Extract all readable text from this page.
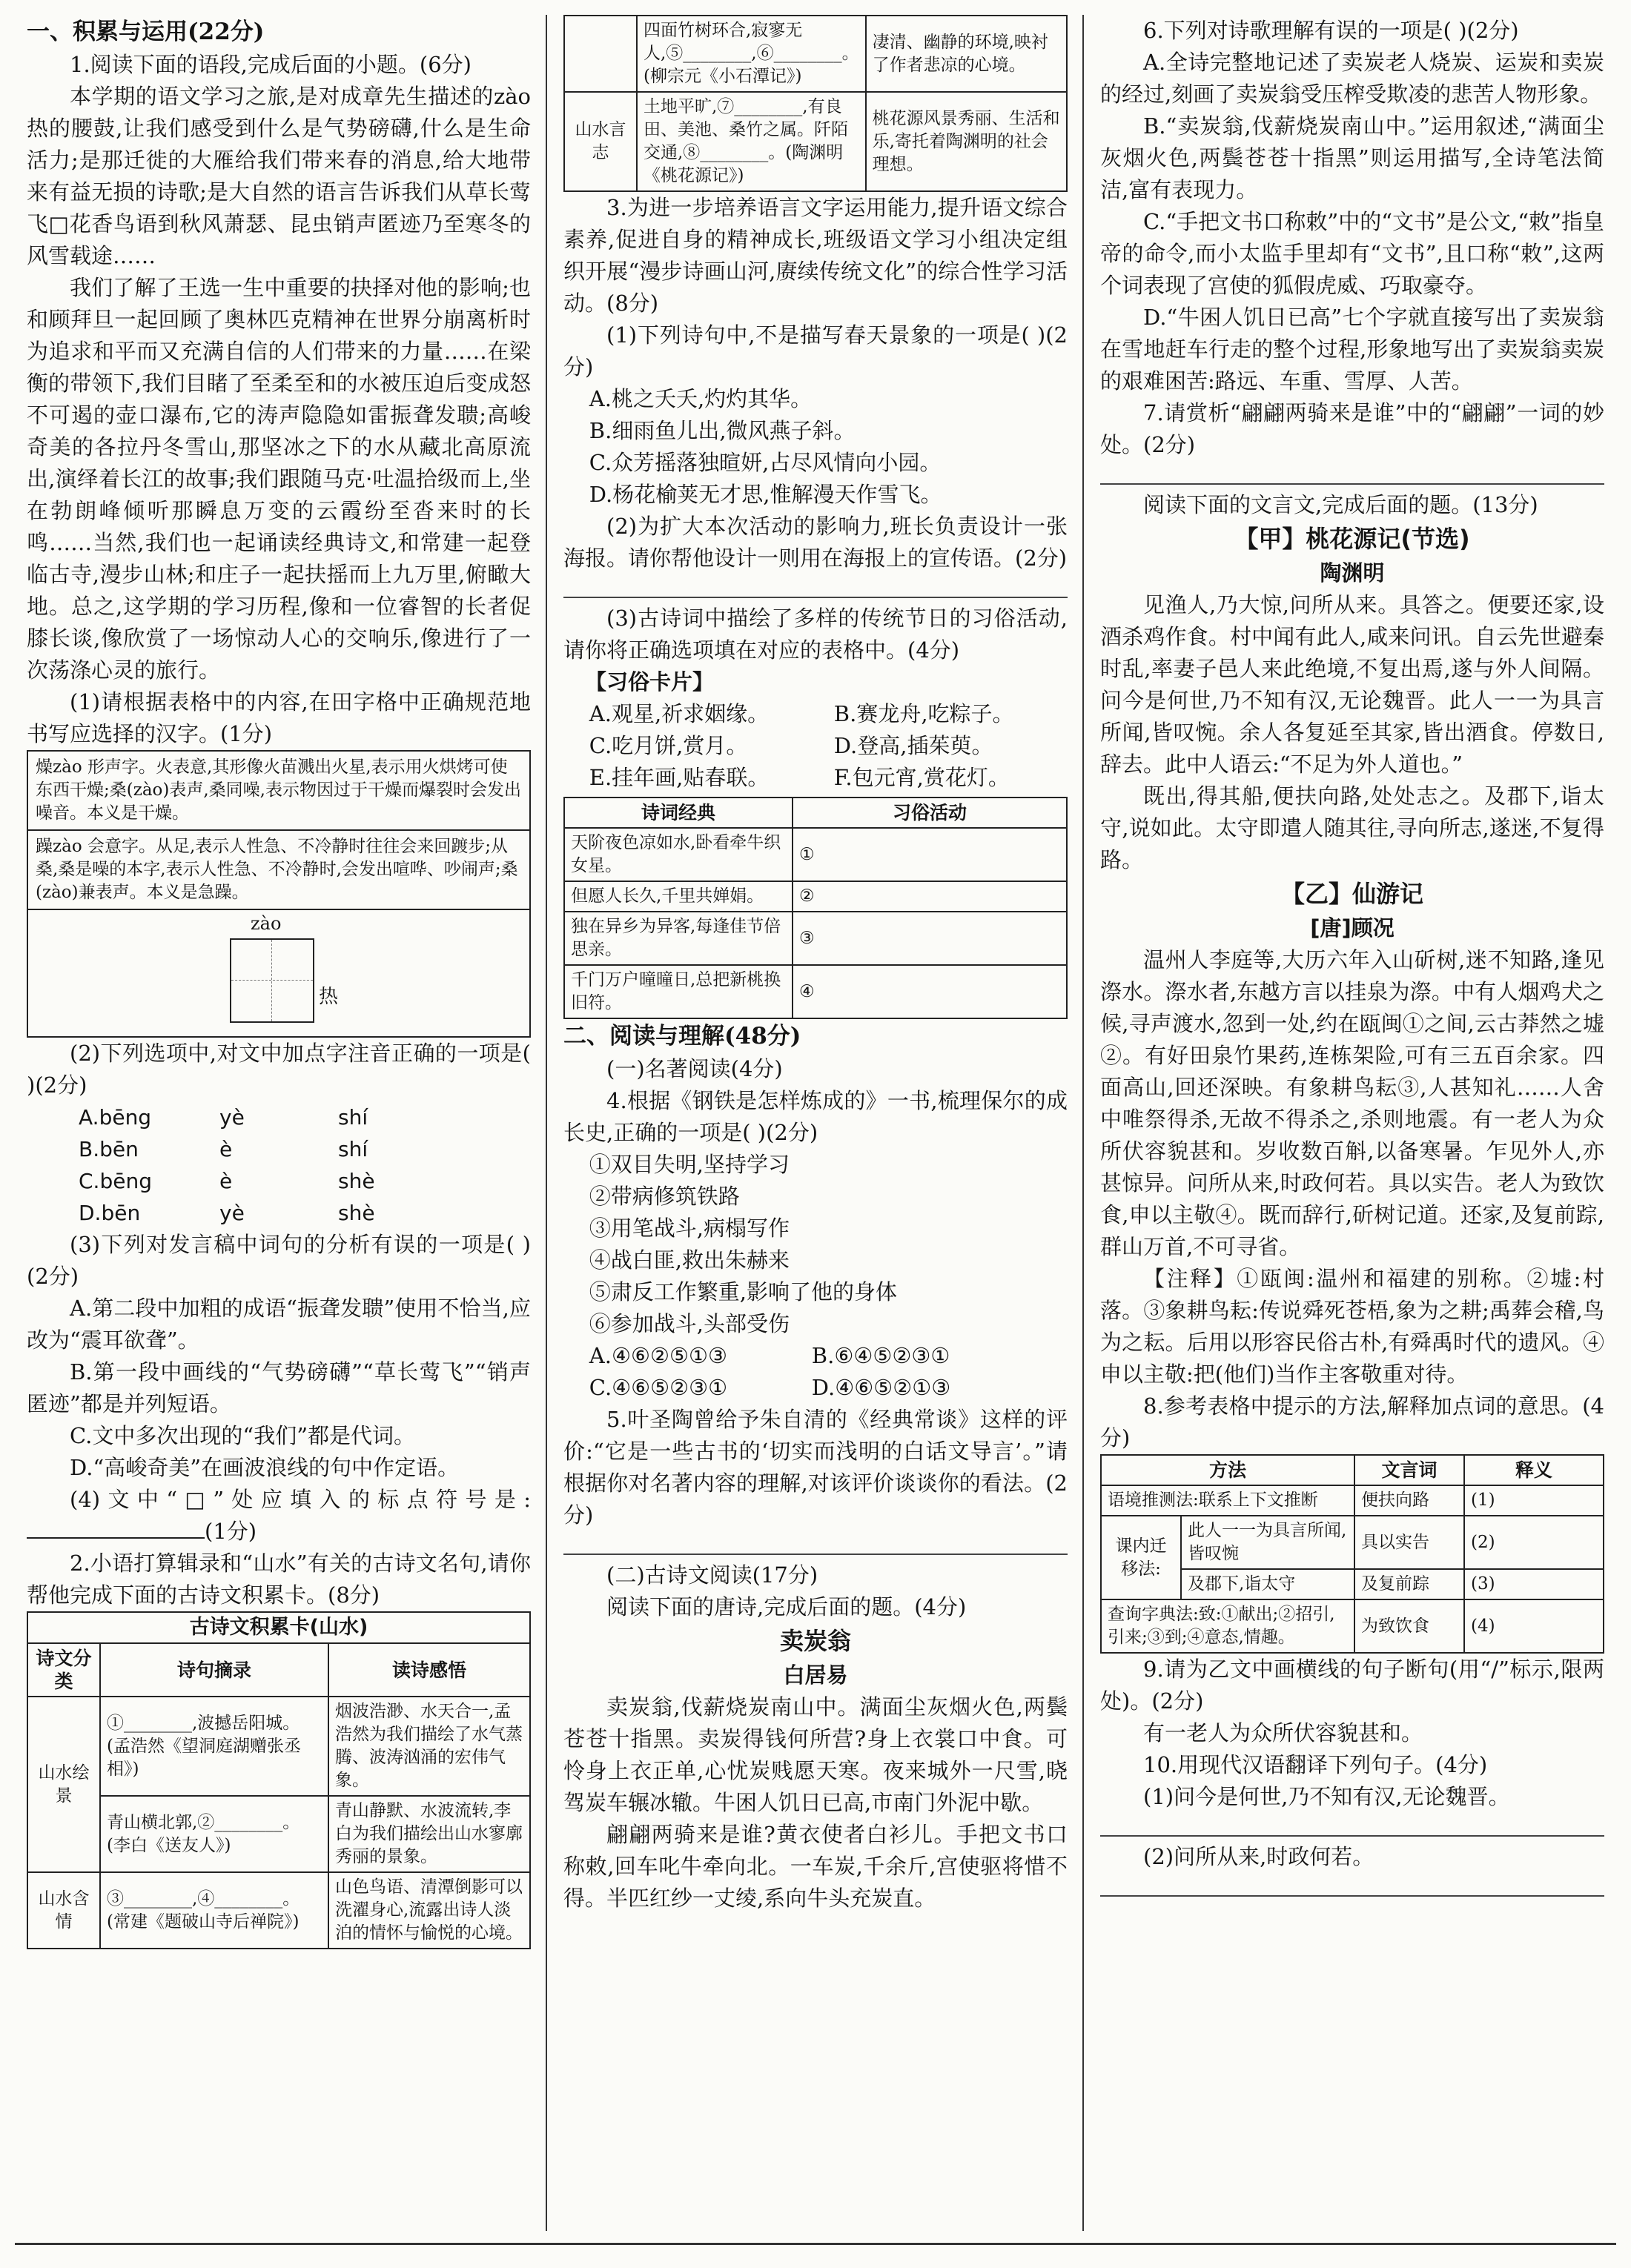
一、积累与运用(22分)

1.阅读下面的语段,完成后面的小题。(6分)

本学期的语文学习之旅,是对成章先生描述的zào热的腰鼓,让我们感受到什么是气势磅礴,什么是生命活力;是那迁徙的大雁给我们带来春的消息,给大地带来有益无损的诗歌;是大自然的语言告诉我们从草长莺飞□花香鸟语到秋风萧瑟、昆虫销声匿迹乃至寒冬的风雪载途……

我们了解了王选一生中重要的抉择对他的影响;也和顾拜旦一起回顾了奥林匹克精神在世界分崩离析时为追求和平而又充满自信的人们带来的力量……在梁衡的带领下,我们目睹了至柔至和的水被压迫后变成怒不可遏的壶口瀑布,它的涛声隐隐如雷振聋发聩;高峻奇美的各拉丹冬雪山,那坚冰之下的水从藏北高原流出,演绎着长江的故事;我们跟随马克·吐温拾级而上,坐在勃朗峰倾听那瞬息万变的云霞纷至沓来时的长鸣……当然,我们也一起诵读经典诗文,和常建一起登临古寺,漫步山林;和庄子一起扶摇而上九万里,俯瞰大地。总之,这学期的学习历程,像和一位睿智的长者促膝长谈,像欣赏了一场惊动人心的交响乐,像进行了一次荡涤心灵的旅行。

(1)请根据表格中的内容,在田字格中正确规范地书写应选择的汉字。(1分)

燥zào 形声字。火表意,其形像火苗溅出火星,表示用火烘烤可使东西干燥;桑(zào)表声,桑同噪,表示物因过于干燥而爆裂时会发出噪音。本义是干燥。
躁zào 会意字。从足,表示人性急、不冷静时往往会来回踱步;从桑,桑是噪的本字,表示人性急、不冷静时,会发出喧哗、吵闹声;桑(zào)兼表声。本义是急躁。
zào
热

(2)下列选项中,对文中加点字注音正确的一项是( )(2分)

A.bēng	yè	shí

B.bēn	è	shí

C.bēng	è	shè

D.bēn	yè	shè

(3)下列对发言稿中词句的分析有误的一项是( )(2分)

A.第二段中加粗的成语“振聋发聩”使用不恰当,应改为“震耳欲聋”。

B.第一段中画线的“气势磅礴”“草长莺飞”“销声匿迹”都是并列短语。

C.文中多次出现的“我们”都是代词。

D.“高峻奇美”在画波浪线的句中作定语。

(4)文中“□”处应填入的标点符号是:(1分)

2.小语打算辑录和“山水”有关的古诗文名句,请你帮他完成下面的古诗文积累卡。(8分)

古诗文积累卡(山水)
诗文分类	诗句摘录	读诗感悟
山水绘景	①________,波撼岳阳城。(孟浩然《望洞庭湖赠张丞相》)	烟波浩渺、水天合一,孟浩然为我们描绘了水气蒸腾、波涛汹涌的宏伟气象。
	青山横北郭,②________。(李白《送友人》)	青山静默、水波流转,李白为我们描绘出山水寥廓秀丽的景象。
山水含情	③________,④________。(常建《题破山寺后禅院》)	山色鸟语、清潭倒影可以洗濯身心,流露出诗人淡泊的情怀与愉悦的心境。
	四面竹树环合,寂寥无人,⑤________,⑥________。(柳宗元《小石潭记》)	凄清、幽静的环境,映衬了作者悲凉的心境。
山水言志	土地平旷,⑦________,有良田、美池、桑竹之属。阡陌交通,⑧________。(陶渊明《桃花源记》)	桃花源风景秀丽、生活和乐,寄托着陶渊明的社会理想。

3.为进一步培养语言文字运用能力,提升语文综合素养,促进自身的精神成长,班级语文学习小组决定组织开展“漫步诗画山河,赓续传统文化”的综合性学习活动。(8分)

(1)下列诗句中,不是描写春天景象的一项是( )(2分)

A.桃之夭夭,灼灼其华。

B.细雨鱼儿出,微风燕子斜。

C.众芳摇落独暄妍,占尽风情向小园。

D.杨花榆荚无才思,惟解漫天作雪飞。

(2)为扩大本次活动的影响力,班长负责设计一张海报。请你帮他设计一则用在海报上的宣传语。(2分)

(3)古诗词中描绘了多样的传统节日的习俗活动,请你将正确选项填在对应的表格中。(4分)

【习俗卡片】

A.观星,祈求姻缘。	B.赛龙舟,吃粽子。

C.吃月饼,赏月。	D.登高,插茱萸。

E.挂年画,贴春联。	F.包元宵,赏花灯。

诗词经典	习俗活动
天阶夜色凉如水,卧看牵牛织女星。	①
但愿人长久,千里共婵娟。	②
独在异乡为异客,每逢佳节倍思亲。	③
千门万户曈曈日,总把新桃换旧符。	④

二、阅读与理解(48分)

(一)名著阅读(4分)

4.根据《钢铁是怎样炼成的》一书,梳理保尔的成长史,正确的一项是( )(2分)

①双目失明,坚持学习

②带病修筑铁路

③用笔战斗,病榻写作

④战白匪,救出朱赫来

⑤肃反工作繁重,影响了他的身体

⑥参加战斗,头部受伤

A.④⑥②⑤①③	B.⑥④⑤②③①

C.④⑥⑤②③①	D.④⑥⑤②①③

5.叶圣陶曾给予朱自清的《经典常谈》这样的评价:“它是一些古书的‘切实而浅明的白话文导言’。”请根据你对名著内容的理解,对该评价谈谈你的看法。(2分)

(二)古诗文阅读(17分)

阅读下面的唐诗,完成后面的题。(4分)

卖炭翁

白居易

卖炭翁,伐薪烧炭南山中。满面尘灰烟火色,两鬓苍苍十指黑。卖炭得钱何所营?身上衣裳口中食。可怜身上衣正单,心忧炭贱愿天寒。夜来城外一尺雪,晓驾炭车辗冰辙。牛困人饥日已高,市南门外泥中歇。

翩翩两骑来是谁?黄衣使者白衫儿。手把文书口称敕,回车叱牛牵向北。一车炭,千余斤,宫使驱将惜不得。半匹红纱一丈绫,系向牛头充炭直。

6.下列对诗歌理解有误的一项是( )(2分)

A.全诗完整地记述了卖炭老人烧炭、运炭和卖炭的经过,刻画了卖炭翁受压榨受欺凌的悲苦人物形象。

B.“卖炭翁,伐薪烧炭南山中。”运用叙述,“满面尘灰烟火色,两鬓苍苍十指黑”则运用描写,全诗笔法简洁,富有表现力。

C.“手把文书口称敕”中的“文书”是公文,“敕”指皇帝的命令,而小太监手里却有“文书”,且口称“敕”,这两个词表现了宫使的狐假虎威、巧取豪夺。

D.“牛困人饥日已高”七个字就直接写出了卖炭翁在雪地赶车行走的整个过程,形象地写出了卖炭翁卖炭的艰难困苦:路远、车重、雪厚、人苦。

7.请赏析“翩翩两骑来是谁”中的“翩翩”一词的妙处。(2分)

阅读下面的文言文,完成后面的题。(13分)

【甲】桃花源记(节选)

陶渊明

见渔人,乃大惊,问所从来。具答之。便要还家,设酒杀鸡作食。村中闻有此人,咸来问讯。自云先世避秦时乱,率妻子邑人来此绝境,不复出焉,遂与外人间隔。问今是何世,乃不知有汉,无论魏晋。此人一一为具言所闻,皆叹惋。余人各复延至其家,皆出酒食。停数日,辞去。此中人语云:“不足为外人道也。”

既出,得其船,便扶向路,处处志之。及郡下,诣太守,说如此。太守即遣人随其往,寻向所志,遂迷,不复得路。

【乙】仙游记

[唐]顾况

温州人李庭等,大历六年入山斫树,迷不知路,逢见漈水。漈水者,东越方言以挂泉为漈。中有人烟鸡犬之候,寻声渡水,忽到一处,约在瓯闽①之间,云古莽然之墟②。有好田泉竹果药,连栋架险,可有三五百余家。四面高山,回还深映。有象耕鸟耘③,人甚知礼……人舍中唯祭得杀,无故不得杀之,杀则地震。有一老人为众所伏容貌甚和。岁收数百斛,以备寒暑。乍见外人,亦甚惊异。问所从来,时政何若。具以实告。老人为致饮食,申以主敬④。既而辞行,斫树记道。还家,及复前踪,群山万首,不可寻省。

【注释】①瓯闽:温州和福建的别称。②墟:村落。③象耕鸟耘:传说舜死苍梧,象为之耕;禹葬会稽,鸟为之耘。后用以形容民俗古朴,有舜禹时代的遗风。④申以主敬:把(他们)当作主客敬重对待。

8.参考表格中提示的方法,解释加点词的意思。(4分)

方法		文言词	释义
语境推测法:联系上下文推断		便扶向路	(1)
课内迁移法:	此人一一为具言所闻,皆叹惋	具以实告	(2)
	及郡下,诣太守	及复前踪	(3)
查询字典法:致:①献出;②招引,引来;③到;④意态,情趣。		为致饮食	(4)

9.请为乙文中画横线的句子断句(用“/”标示,限两处)。(2分)

有一老人为众所伏容貌甚和。

10.用现代汉语翻译下列句子。(4分)

(1)问今是何世,乃不知有汉,无论魏晋。

(2)问所从来,时政何若。
